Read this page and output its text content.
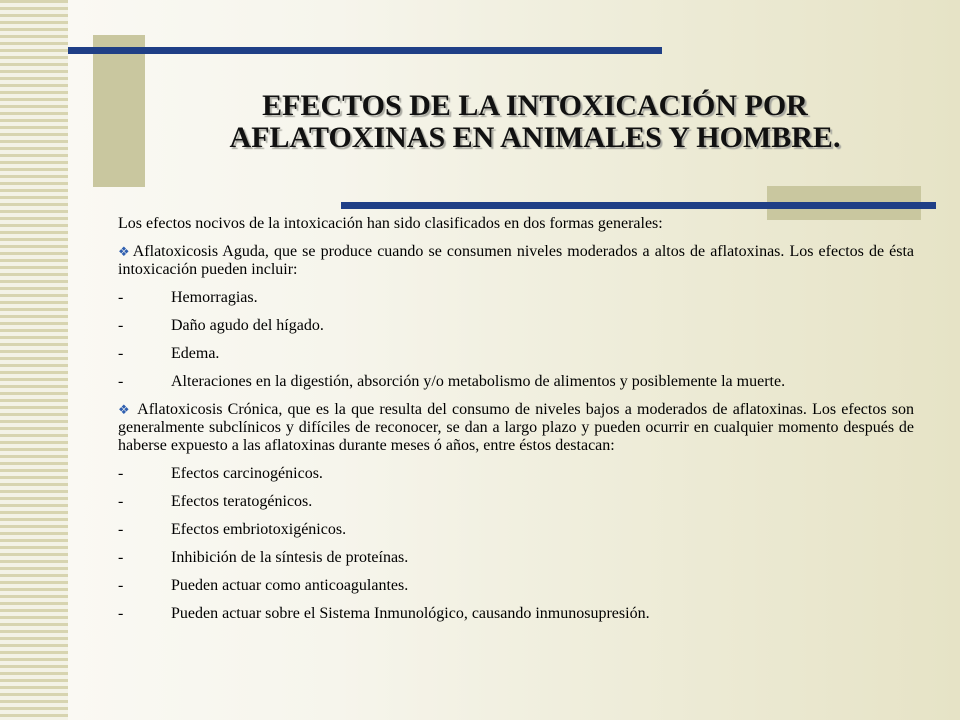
EFECTOS DE LA INTOXICACIÓN POR
AFLATOXINAS EN ANIMALES Y HOMBRE.

Los efectos nocivos de la intoxicación han sido clasificados en dos formas generales:

❖ Aflatoxicosis Aguda, que se produce cuando se consumen niveles moderados a altos de aflatoxinas. Los efectos de ésta intoxicación pueden incluir:

-	Hemorragias.
-	Daño agudo del hígado.
-	Edema.
-	Alteraciones en la digestión, absorción y/o metabolismo de alimentos y posiblemente la muerte.

❖ Aflatoxicosis Crónica, que es la que resulta del consumo de niveles bajos a moderados de aflatoxinas. Los efectos son generalmente subclínicos y difíciles de reconocer, se dan a largo plazo y pueden ocurrir en cualquier momento después de haberse expuesto a las aflatoxinas durante meses ó años, entre éstos destacan:

-	Efectos carcinogénicos.
-	Efectos teratogénicos.
-	Efectos embriotoxigénicos.
-	Inhibición de la síntesis de proteínas.
-	Pueden actuar como anticoagulantes.
-	Pueden actuar sobre el Sistema Inmunológico, causando inmunosupresión.
